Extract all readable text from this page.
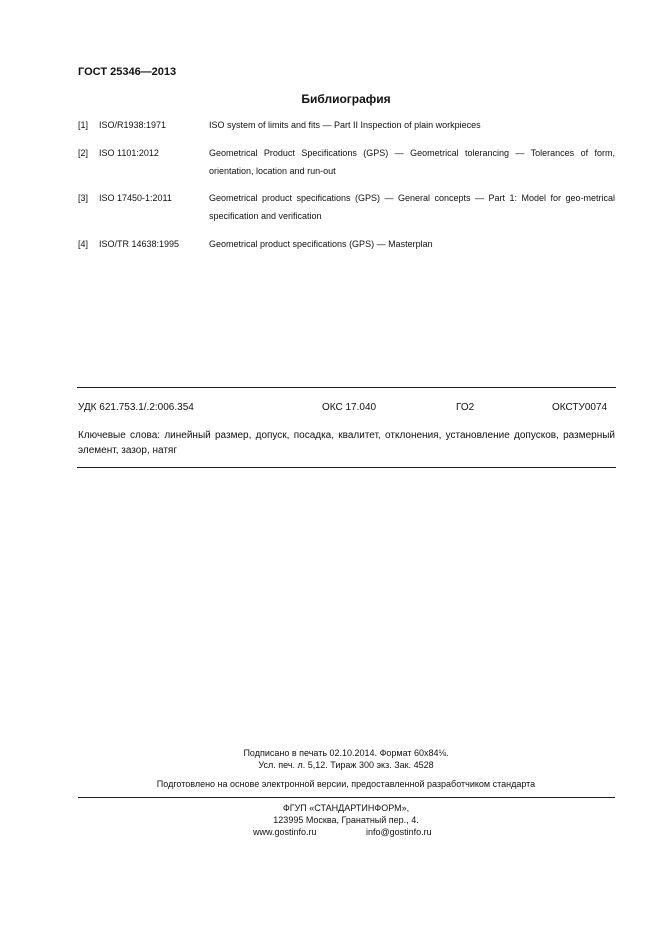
ГОСТ 25346—2013
Библиография
[1] ISO/R1938:1971	ISO system of limits and fits — Part II Inspection of plain workpieces
[2] ISO 1101:2012	Geometrical Product Specifications (GPS) — Geometrical tolerancing — Tolerances of form, orientation, location and run-out
[3] ISO 17450-1:2011	Geometrical product specifications (GPS) — General concepts — Part 1: Model for geo-metrical specification and verification
[4] ISO/TR 14638:1995	Geometrical product specifications (GPS) — Masterplan
УДК 621.753.1/.2:006.354	ОКС 17.040	ГО2	ОКСТУ0074
Ключевые слова: линейный размер, допуск, посадка, квалитет, отклонения, установление допусков, размерный элемент, зазор, натяг
Подписано в печать 02.10.2014. Формат 60x84⅛.
Усл. печ. л. 5,12. Тираж 300 экз. Зак. 4528
Подготовлено на основе электронной версии, предоставленной разработчиком стандарта
ФГУП «СТАНДАРТИНФОРМ»,
123995 Москва, Гранатный пер., 4.
www.gostinfo.ru	info@gostinfo.ru
